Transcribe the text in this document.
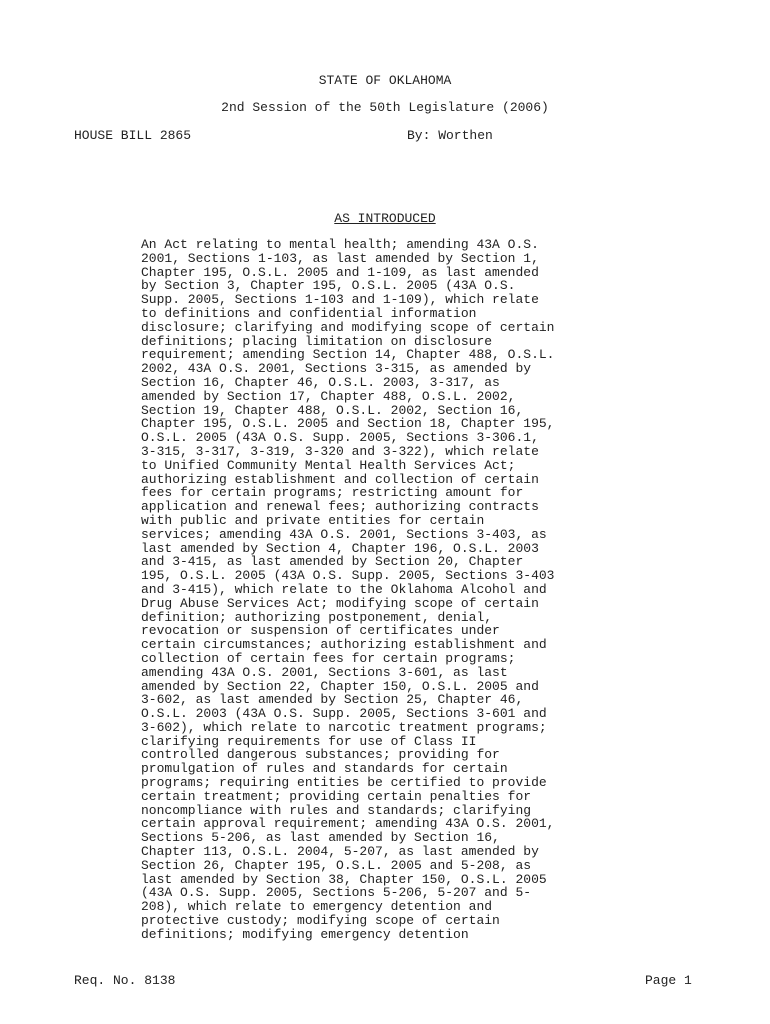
STATE OF OKLAHOMA
2nd Session of the 50th Legislature (2006)
HOUSE BILL 2865	By: Worthen
AS INTRODUCED
An Act relating to mental health; amending 43A O.S.
2001, Sections 1-103, as last amended by Section 1,
Chapter 195, O.S.L. 2005 and 1-109, as last amended
by Section 3, Chapter 195, O.S.L. 2005 (43A O.S.
Supp. 2005, Sections 1-103 and 1-109), which relate
to definitions and confidential information
disclosure; clarifying and modifying scope of certain
definitions; placing limitation on disclosure
requirement; amending Section 14, Chapter 488, O.S.L.
2002, 43A O.S. 2001, Sections 3-315, as amended by
Section 16, Chapter 46, O.S.L. 2003, 3-317, as
amended by Section 17, Chapter 488, O.S.L. 2002,
Section 19, Chapter 488, O.S.L. 2002, Section 16,
Chapter 195, O.S.L. 2005 and Section 18, Chapter 195,
O.S.L. 2005 (43A O.S. Supp. 2005, Sections 3-306.1,
3-315, 3-317, 3-319, 3-320 and 3-322), which relate
to Unified Community Mental Health Services Act;
authorizing establishment and collection of certain
fees for certain programs; restricting amount for
application and renewal fees; authorizing contracts
with public and private entities for certain
services; amending 43A O.S. 2001, Sections 3-403, as
last amended by Section 4, Chapter 196, O.S.L. 2003
and 3-415, as last amended by Section 20, Chapter
195, O.S.L. 2005 (43A O.S. Supp. 2005, Sections 3-403
and 3-415), which relate to the Oklahoma Alcohol and
Drug Abuse Services Act; modifying scope of certain
definition; authorizing postponement, denial,
revocation or suspension of certificates under
certain circumstances; authorizing establishment and
collection of certain fees for certain programs;
amending 43A O.S. 2001, Sections 3-601, as last
amended by Section 22, Chapter 150, O.S.L. 2005 and
3-602, as last amended by Section 25, Chapter 46,
O.S.L. 2003 (43A O.S. Supp. 2005, Sections 3-601 and
3-602), which relate to narcotic treatment programs;
clarifying requirements for use of Class II
controlled dangerous substances; providing for
promulgation of rules and standards for certain
programs; requiring entities be certified to provide
certain treatment; providing certain penalties for
noncompliance with rules and standards; clarifying
certain approval requirement; amending 43A O.S. 2001,
Sections 5-206, as last amended by Section 16,
Chapter 113, O.S.L. 2004, 5-207, as last amended by
Section 26, Chapter 195, O.S.L. 2005 and 5-208, as
last amended by Section 38, Chapter 150, O.S.L. 2005
(43A O.S. Supp. 2005, Sections 5-206, 5-207 and 5-
208), which relate to emergency detention and
protective custody; modifying scope of certain
definitions; modifying emergency detention
Req. No. 8138	Page 1
